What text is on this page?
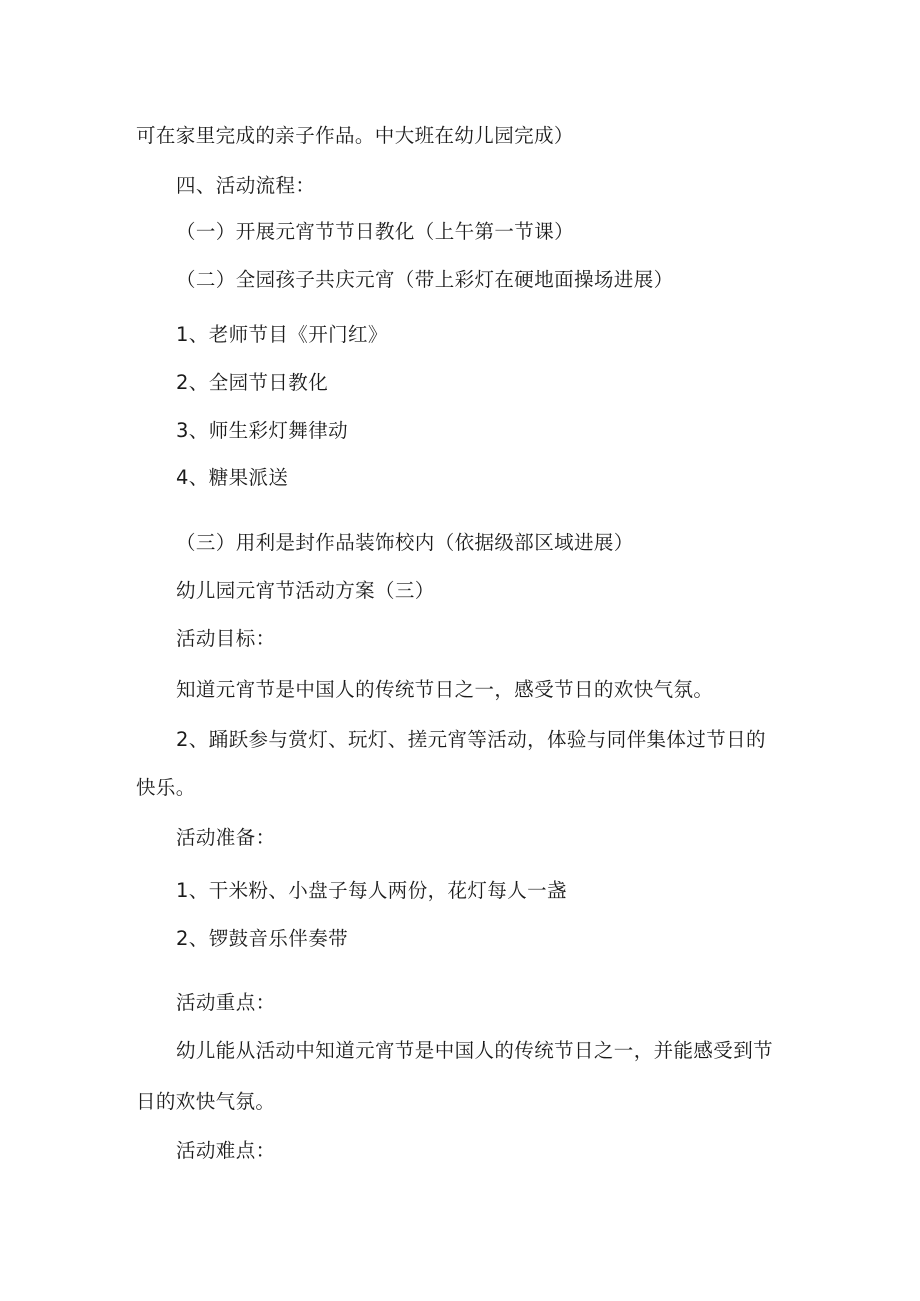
可在家里完成的亲子作品。中大班在幼儿园完成）
四、活动流程：
（一）开展元宵节节日教化（上午第一节课）
（二）全园孩子共庆元宵（带上彩灯在硬地面操场进展）
1、老师节目《开门红》
2、全园节日教化
3、师生彩灯舞律动
4、糖果派送
（三）用利是封作品装饰校内（依据级部区域进展）
幼儿园元宵节活动方案（三）
活动目标：
知道元宵节是中国人的传统节日之一，感受节日的欢快气氛。
2、踊跃参与赏灯、玩灯、搓元宵等活动，体验与同伴集体过节日的
快乐。
活动准备：
1、干米粉、小盘子每人两份，花灯每人一盏
2、锣鼓音乐伴奏带
活动重点：
幼儿能从活动中知道元宵节是中国人的传统节日之一，并能感受到节
日的欢快气氛。
活动难点：
